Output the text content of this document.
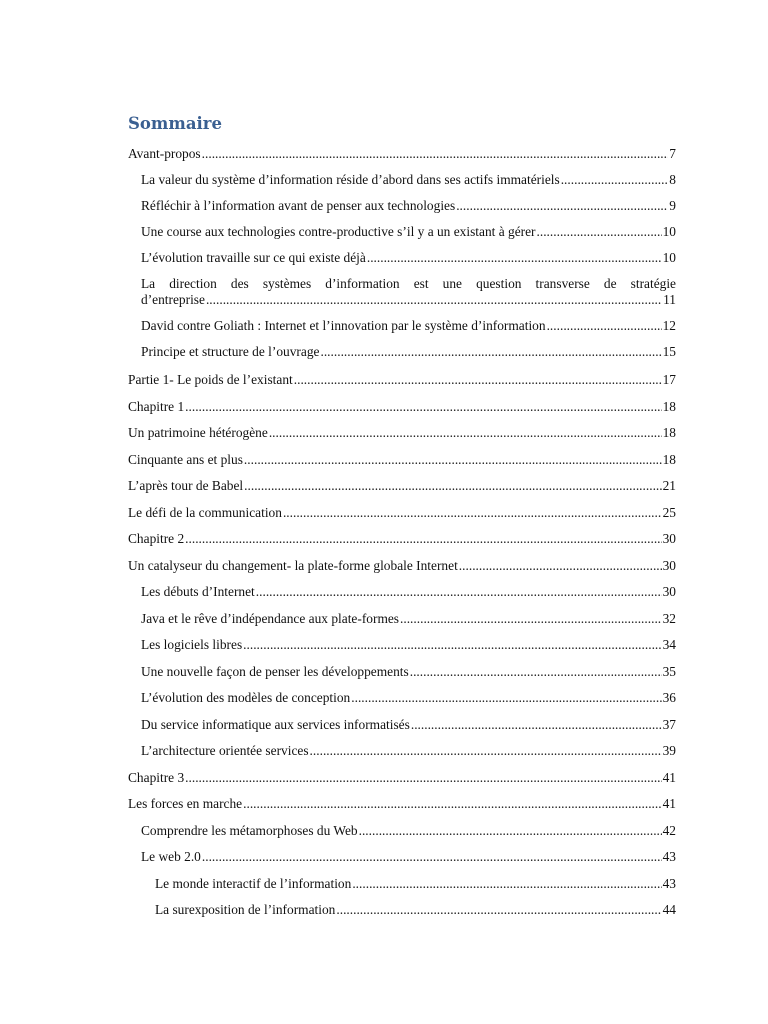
Sommaire
Avant-propos .....	7
La valeur du système d’information réside d’abord dans ses actifs immatériels .....	8
Réfléchir à l’information avant de penser aux technologies .....	9
Une course aux technologies contre-productive s’il y a un existant à gérer .....	10
L’évolution travaille sur ce qui existe déjà .....	10
La direction des systèmes d’information est une question transverse de stratégie
d’entreprise .....	11
David contre Goliath : Internet et l’innovation par le système d’information .....	12
Principe et structure de l’ouvrage .....	15
Partie 1- Le poids de l’existant .....	17
Chapitre 1 .....	18
Un patrimoine hétérogène .....	18
Cinquante ans et plus .....	18
L’après tour de Babel .....	21
Le défi de la communication .....	25
Chapitre 2 .....	30
Un catalyseur du changement- la plate-forme globale Internet .....	30
Les débuts d’Internet .....	30
Java et le rêve d’indépendance aux plate-formes .....	32
Les logiciels libres .....	34
Une nouvelle façon de penser les développements .....	35
L’évolution des modèles de conception .....	36
Du service informatique aux services informatisés .....	37
L’architecture orientée services .....	39
Chapitre 3 .....	41
Les forces en marche .....	41
Comprendre les métamorphoses du Web .....	42
Le web 2.0 .....	43
Le monde interactif de l’information .....	43
La surexposition de l’information .....	44
